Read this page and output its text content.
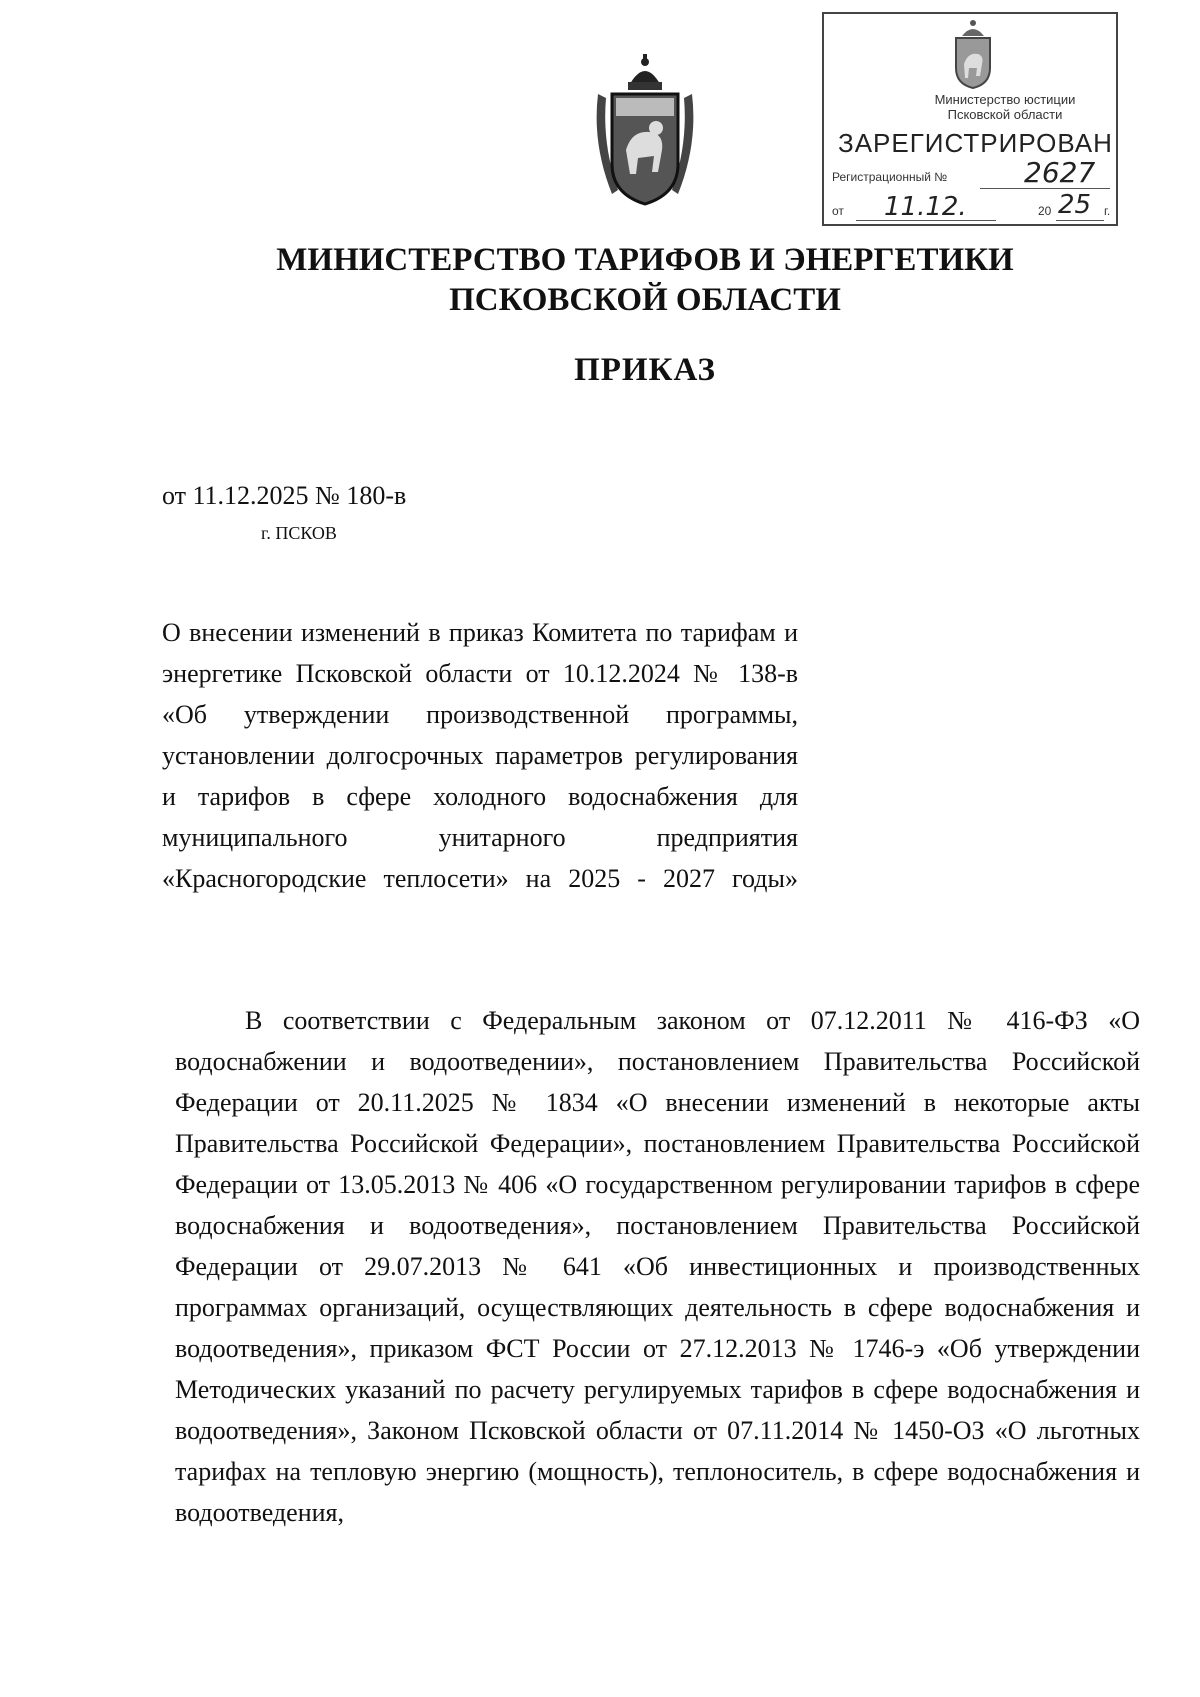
Министерство юстиции
Псковской области
ЗАРЕГИСТРИРОВАН
Регистрационный №	2627
от 11.12.	20 25 г.
МИНИСТЕРСТВО ТАРИФОВ И ЭНЕРГЕТИКИ
ПСКОВСКОЙ ОБЛАСТИ
ПРИКАЗ
от 11.12.2025 № 180-в
г. ПСКОВ
О внесении изменений в приказ Комитета по тарифам и энергетике Псковской области от 10.12.2024 № 138-в «Об утверждении производственной программы, установлении долгосрочных параметров регулирования и тарифов в сфере холодного водоснабжения для муниципального унитарного предприятия «Красногородские теплосети» на 2025 - 2027 годы»
В соответствии с Федеральным законом от 07.12.2011 № 416-ФЗ «О водоснабжении и водоотведении», постановлением Правительства Российской Федерации от 20.11.2025 № 1834 «О внесении изменений в некоторые акты Правительства Российской Федерации», постановлением Правительства Российской Федерации от 13.05.2013 № 406 «О государственном регулировании тарифов в сфере водоснабжения и водоотведения», постановлением Правительства Российской Федерации от 29.07.2013 № 641 «Об инвестиционных и производственных программах организаций, осуществляющих деятельность в сфере водоснабжения и водоотведения», приказом ФСТ России от 27.12.2013 № 1746-э «Об утверждении Методических указаний по расчету регулируемых тарифов в сфере водоснабжения и водоотведения», Законом Псковской области от 07.11.2014 № 1450-ОЗ «О льготных тарифах на тепловую энергию (мощность), теплоноситель, в сфере водоснабжения и водоотведения,
